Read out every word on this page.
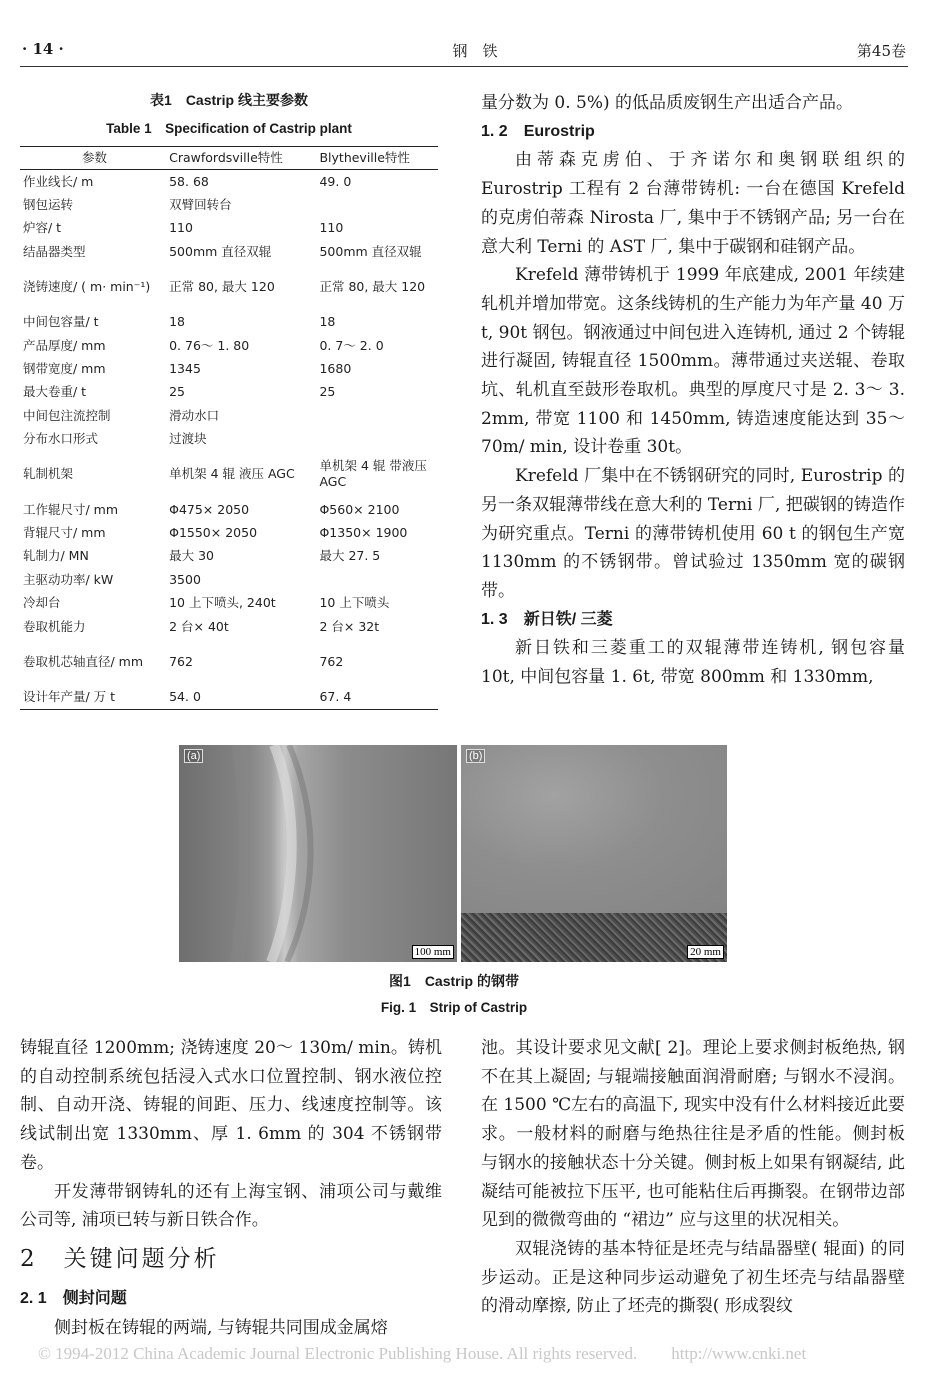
· 14 ·	钢　铁	第45卷
表1　Castrip 线主要参数
Table 1　Specification of Castrip plant
参数	Crawfordsville特性	Blytheville特性
作业线长/ m	58. 68	49. 0
钢包运转	双臂回转台	
炉容/ t	110	110
结晶器类型	500mm 直径双辊	500mm 直径双辊
浇铸速度/ ( m· min⁻¹)	正常 80, 最大 120	正常 80, 最大 120
中间包容量/ t	18	18
产品厚度/ mm	0. 76～ 1. 80	0. 7～ 2. 0
钢带宽度/ mm	1345	1680
最大卷重/ t	25	25
中间包注流控制	滑动水口	
分布水口形式	过渡块	
轧制机架	单机架 4 辊 液压 AGC	单机架 4 辊 带液压 AGC
工作辊尺寸/ mm	Φ475× 2050	Φ560× 2100
背辊尺寸/ mm	Φ1550× 2050	Φ1350× 1900
轧制力/ MN	最大 30	最大 27. 5
主驱动功率/ kW	3500	
冷却台	10 上下喷头, 240t	10 上下喷头
卷取机能力	2 台× 40t	2 台× 32t
卷取机芯轴直径/ mm	762	762
设计年产量/ 万 t	54. 0	67. 4

量分数为 0. 5%) 的低品质废钢生产出适合产品。

1. 2　Eurostrip

由蒂森克虏伯、于齐诺尔和奥钢联组织的 Eurostrip 工程有 2 台薄带铸机: 一台在德国 Krefeld 的克虏伯蒂森 Nirosta 厂, 集中于不锈钢产品; 另一台在意大利 Terni 的 AST 厂, 集中于碳钢和硅钢产品。

Krefeld 薄带铸机于 1999 年底建成, 2001 年续建轧机并增加带宽。这条线铸机的生产能力为年产量 40 万 t, 90t 钢包。钢液通过中间包进入连铸机, 通过 2 个铸辊进行凝固, 铸辊直径 1500mm。薄带通过夹送辊、卷取坑、轧机直至鼓形卷取机。典型的厚度尺寸是 2. 3～ 3. 2mm, 带宽 1100 和 1450mm, 铸造速度能达到 35～ 70m/ min, 设计卷重 30t。

Krefeld 厂集中在不锈钢研究的同时, Eurostrip 的另一条双辊薄带线在意大利的 Terni 厂, 把碳钢的铸造作为研究重点。Terni 的薄带铸机使用 60 t 的钢包生产宽 1130mm 的不锈钢带。曾试验过 1350mm 宽的碳钢带。

1. 3　新日铁/ 三菱

新日铁和三菱重工的双辊薄带连铸机, 钢包容量 10t, 中间包容量 1. 6t, 带宽 800mm 和 1330mm,

(a)
100 mm
(b)
20 mm
图1　Castrip 的钢带
Fig. 1　Strip of Castrip

铸辊直径 1200mm; 浇铸速度 20～ 130m/ min。铸机的自动控制系统包括浸入式水口位置控制、钢水液位控制、自动开浇、铸辊的间距、压力、线速度控制等。该线试制出宽 1330mm、厚 1. 6mm 的 304 不锈钢带卷。

开发薄带钢铸轧的还有上海宝钢、浦项公司与戴维公司等, 浦项已转与新日铁合作。

2　关键问题分析

2. 1　侧封问题

侧封板在铸辊的两端, 与铸辊共同围成金属熔

池。其设计要求见文献[ 2]。理论上要求侧封板绝热, 钢不在其上凝固; 与辊端接触面润滑耐磨; 与钢水不浸润。在 1500 ℃左右的高温下, 现实中没有什么材料接近此要求。一般材料的耐磨与绝热往往是矛盾的性能。侧封板与钢水的接触状态十分关键。侧封板上如果有钢凝结, 此凝结可能被拉下压平, 也可能粘住后再撕裂。在钢带边部见到的微微弯曲的 “裙边” 应与这里的状况相关。

双辊浇铸的基本特征是坯壳与结晶器壁( 辊面) 的同步运动。正是这种同步运动避免了初生坯壳与结晶器壁的滑动摩擦, 防止了坯壳的撕裂( 形成裂纹

© 1994-2012 China Academic Journal Electronic Publishing House. All rights reserved.　　http://www.cnki.net
